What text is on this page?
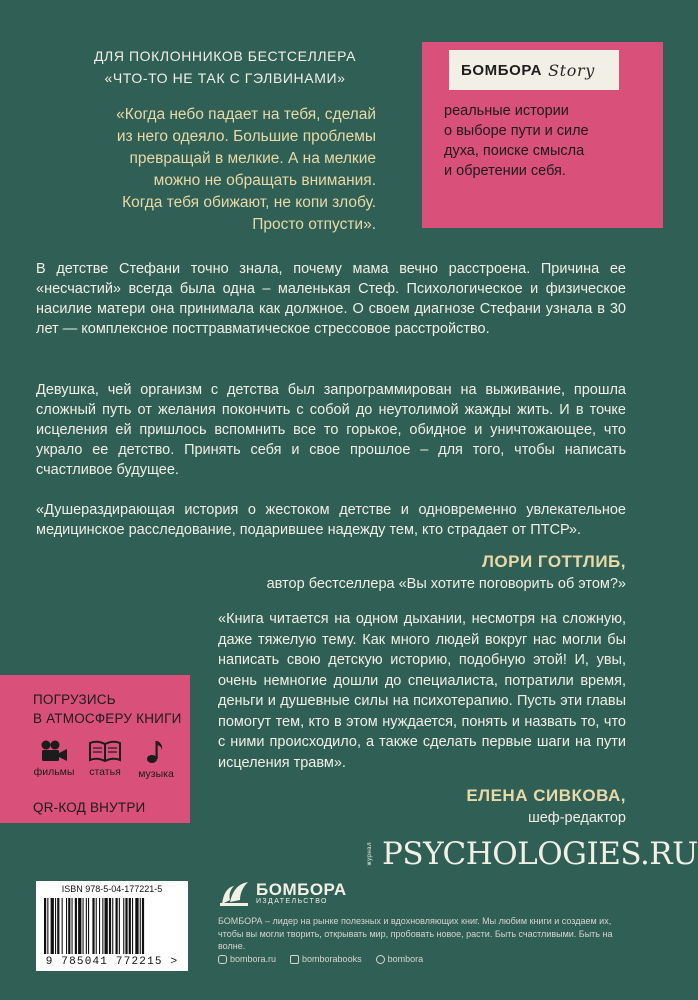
ДЛЯ ПОКЛОННИКОВ БЕСТСЕЛЛЕРА
«ЧТО-ТО НЕ ТАК С ГЭЛВИНАМИ»
«Когда небо падает на тебя, сделай
из него одеяло. Большие проблемы
превращай в мелкие. А на мелкие
можно не обращать внимания.
Когда тебя обижают, не копи злобу.
Просто отпусти».
БОМБОРА Story
реальные истории
о выборе пути и силе
духа, поиске смысла
и обретении себя.
В детстве Стефани точно знала, почему мама вечно расстроена. Причина ее «несчастий» всегда была одна – маленькая Стеф. Психологическое и физическое насилие матери она принимала как должное. О своем диагнозе Стефани узнала в 30 лет — комплексное посттравматическое стрессовое расстройство.
Девушка, чей организм с детства был запрограммирован на выживание, прошла сложный путь от желания покончить с собой до неутолимой жажды жить. И в точке исцеления ей пришлось вспомнить все то горькое, обидное и уничтожающее, что украло ее детство. Принять себя и свое прошлое – для того, чтобы написать счастливое будущее.
«Душераздирающая история о жестоком детстве и одновременно увлекательное медицинское расследование, подарившее надежду тем, кто страдает от ПТСР».
ЛОРИ ГОТТЛИБ,
автор бестселлера «Вы хотите поговорить об этом?»
«Книга читается на одном дыхании, несмотря на сложную, даже тяжелую тему. Как много людей вокруг нас могли бы написать свою детскую историю, подобную этой! И, увы, очень немногие дошли до специалиста, потратили время, деньги и душевные силы на психотерапию. Пусть эти главы помогут тем, кто в этом нуждается, понять и назвать то, что с ними происходило, а также сделать первые шаги на пути исцеления травм».
ЕЛЕНА СИВКОВА,
шеф-редактор
ПОГРУЗИСЬ
В АТМОСФЕРУ КНИГИ
фильмы статья музыка
QR-КОД ВНУТРИ
журнал PSYCHOLOGIES.RU
ISBN 978-5-04-177221-5
9 785041 772215 >
БОМБОРА
ИЗДАТЕЛЬСТВО
БОМБОРА – лидер на рынке полезных и вдохновляющих книг. Мы любим книги и создаем их, чтобы вы могли творить, открывать мир, пробовать новое, расти. Быть счастливыми. Быть на волне.
bombora.ru	bomborabooks	bombora
